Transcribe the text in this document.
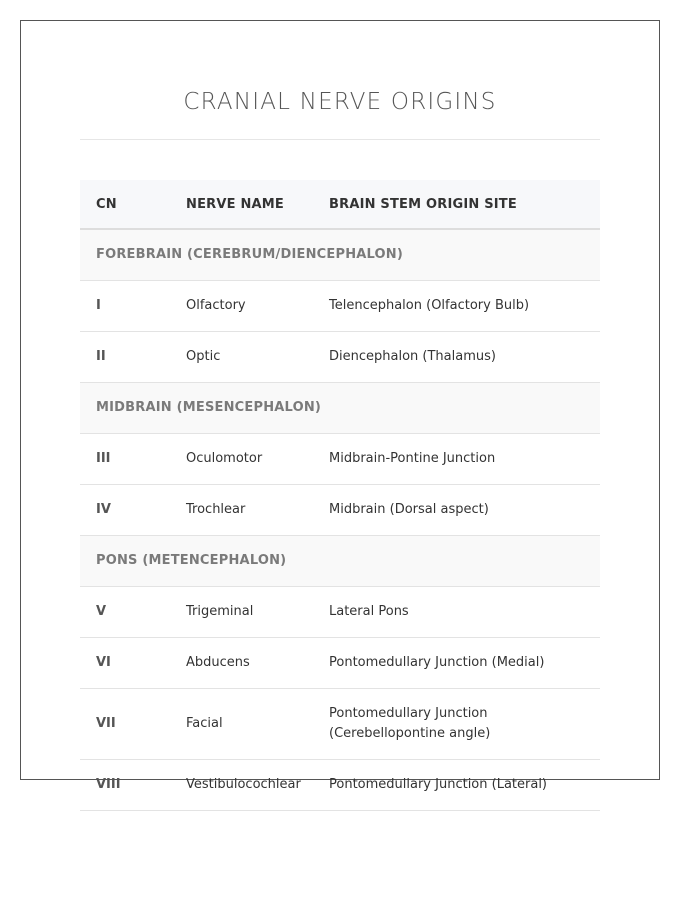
CRANIAL NERVE ORIGINS
CN	NERVE NAME	BRAIN STEM ORIGIN SITE
FOREBRAIN (CEREBRUM/DIENCEPHALON)		
I	Olfactory	Telencephalon (Olfactory Bulb)
II	Optic	Diencephalon (Thalamus)
MIDBRAIN (MESENCEPHALON)		
III	Oculomotor	Midbrain-Pontine Junction
IV	Trochlear	Midbrain (Dorsal aspect)
PONS (METENCEPHALON)		
V	Trigeminal	Lateral Pons
VI	Abducens	Pontomedullary Junction (Medial)
VII	Facial	Pontomedullary Junction (Cerebellopontine angle)
VIII	Vestibulocochlear	Pontomedullary Junction (Lateral)
